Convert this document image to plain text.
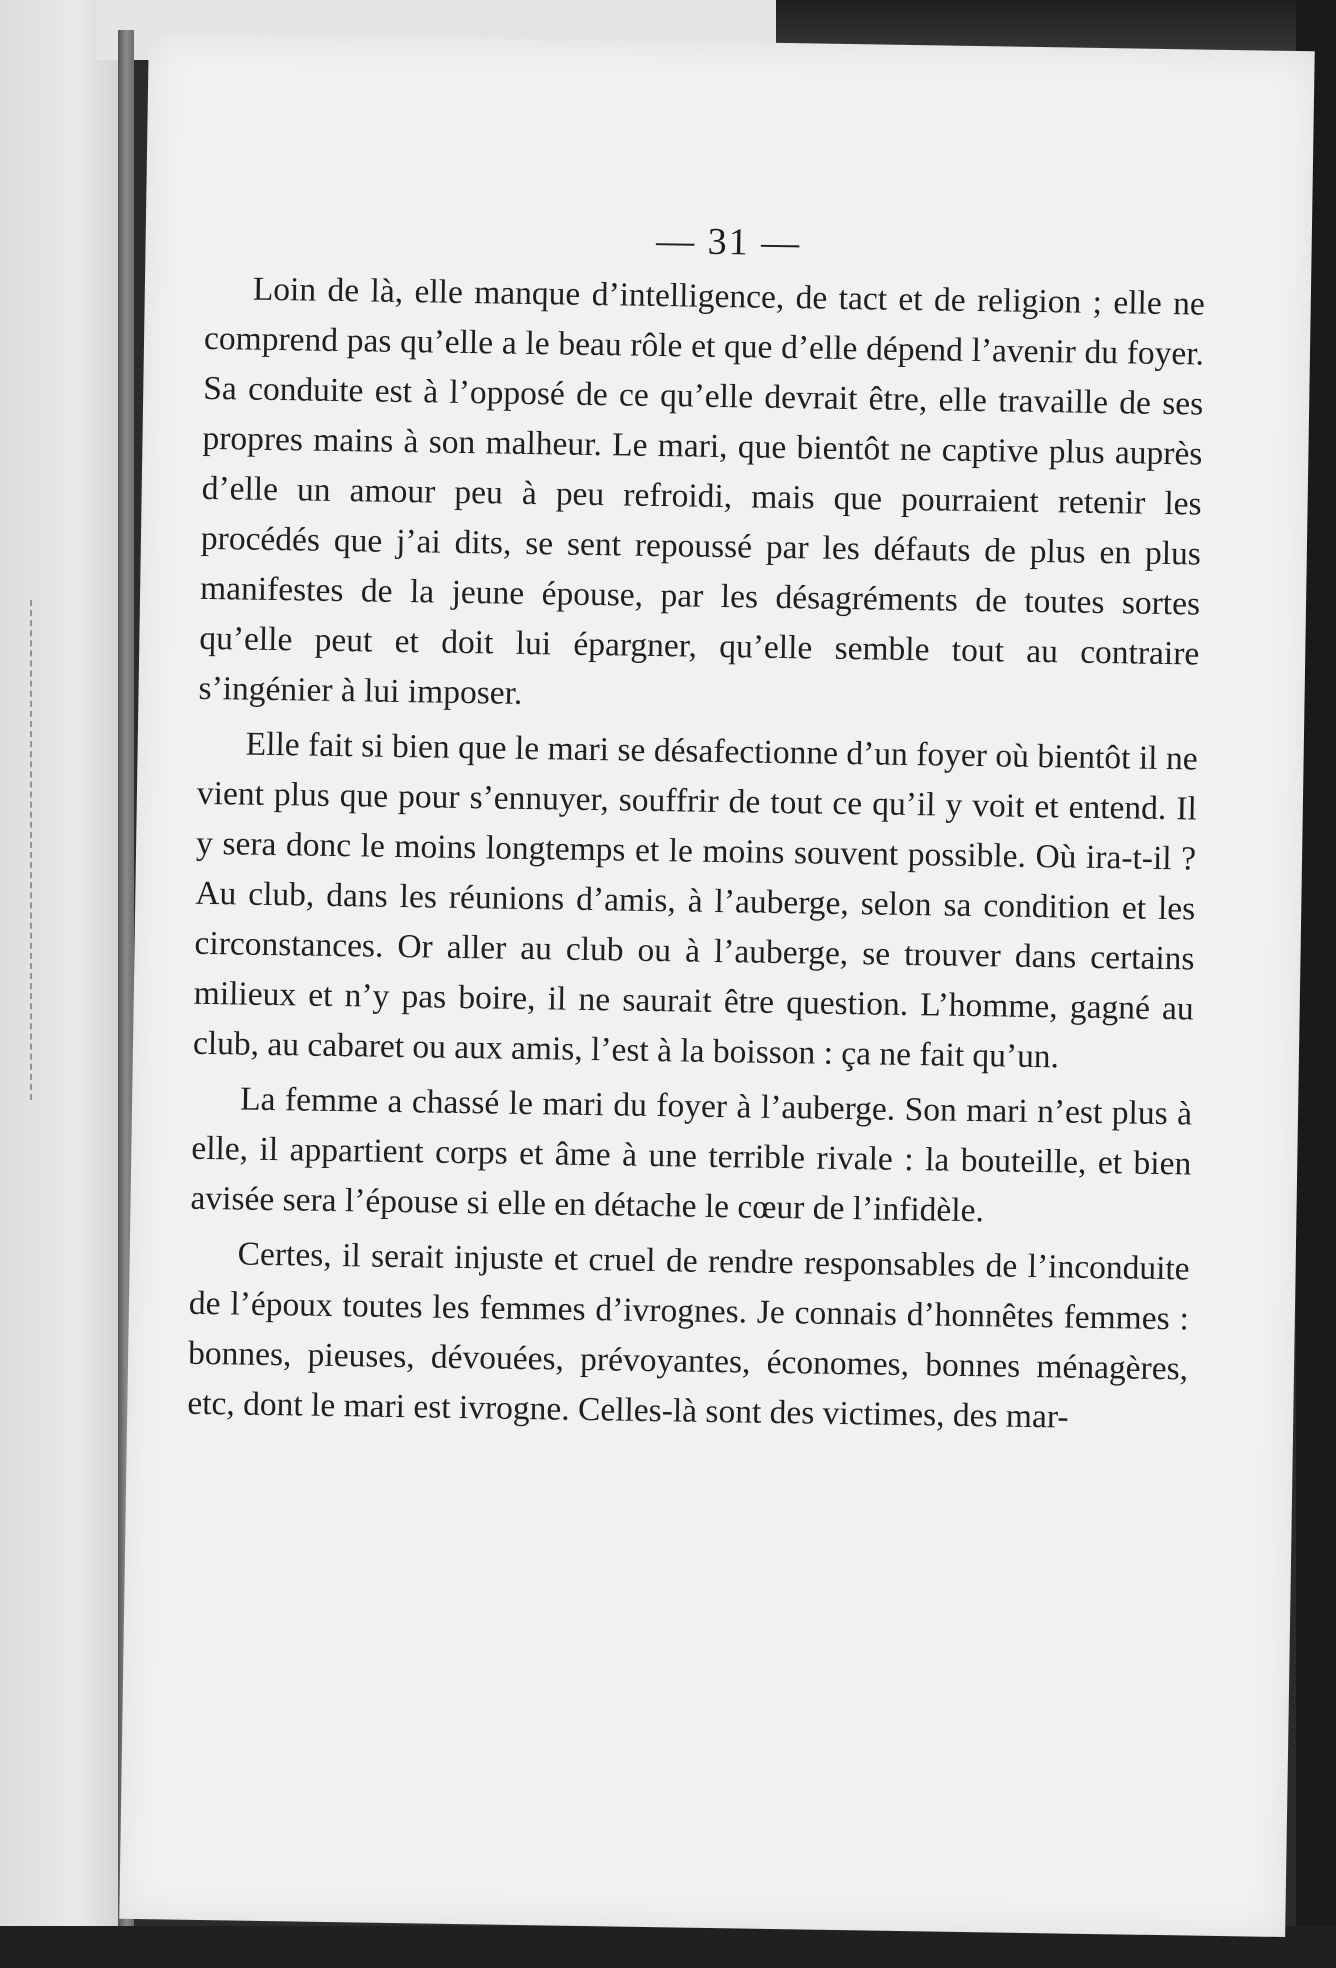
— 31 —

Loin de là, elle manque d’intelligence, de tact et de religion ; elle ne comprend pas qu’elle a le beau rôle et que d’elle dépend l’avenir du foyer. Sa conduite est à l’opposé de ce qu’elle devrait être, elle travaille de ses propres mains à son malheur. Le mari, que bientôt ne captive plus auprès d’elle un amour peu à peu refroidi, mais que pourraient retenir les procédés que j’ai dits, se sent repoussé par les défauts de plus en plus manifestes de la jeune épouse, par les désagréments de toutes sortes qu’elle peut et doit lui épargner, qu’elle semble tout au contraire s’ingénier à lui imposer.

Elle fait si bien que le mari se désafectionne d’un foyer où bientôt il ne vient plus que pour s’ennuyer, souffrir de tout ce qu’il y voit et entend. Il y sera donc le moins longtemps et le moins souvent possible. Où ira-t-il ? Au club, dans les réunions d’amis, à l’auberge, selon sa condition et les circonstances. Or aller au club ou à l’auberge, se trouver dans certains milieux et n’y pas boire, il ne saurait être question. L’homme, gagné au club, au cabaret ou aux amis, l’est à la boisson : ça ne fait qu’un.

La femme a chassé le mari du foyer à l’auberge. Son mari n’est plus à elle, il appartient corps et âme à une terrible rivale : la bouteille, et bien avisée sera l’épouse si elle en détache le cœur de l’infidèle.

Certes, il serait injuste et cruel de rendre responsables de l’inconduite de l’époux toutes les femmes d’ivrognes. Je connais d’honnêtes femmes : bonnes, pieuses, dévouées, prévoyantes, économes, bonnes ménagères, etc, dont le mari est ivrogne. Celles-là sont des victimes, des mar-
